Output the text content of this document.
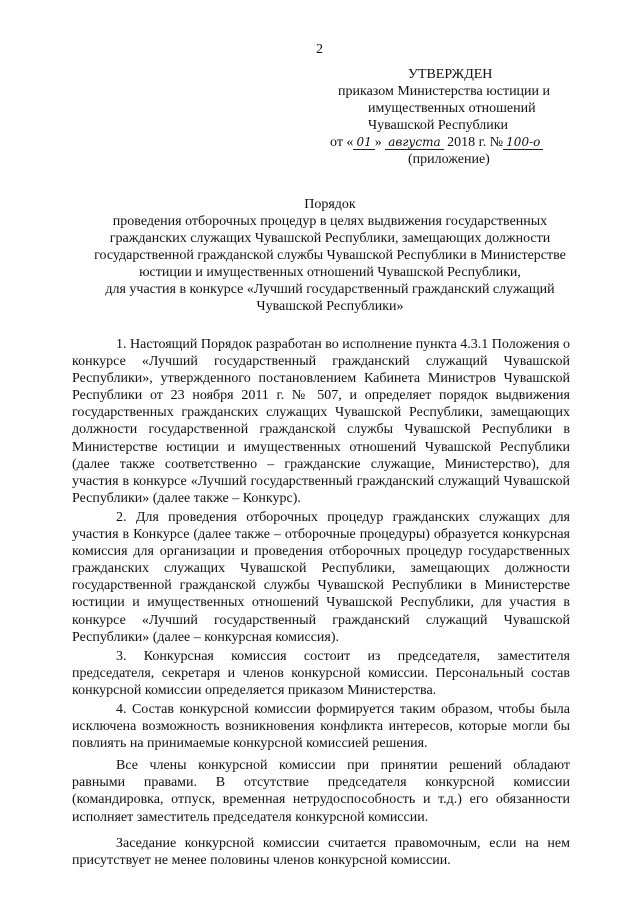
2
УТВЕРЖДЕН
приказом Министерства юстиции и
имущественных отношений
Чувашской Республики
от « 01 » августа 2018 г. № 100-о
(приложение)
Порядок
проведения отборочных процедур в целях выдвижения государственных
гражданских служащих Чувашской Республики, замещающих должности
государственной гражданской службы Чувашской Республики в Министерстве
юстиции и имущественных отношений Чувашской Республики,
для участия в конкурсе «Лучший государственный гражданский служащий
Чувашской Республики»

1. Настоящий Порядок разработан во исполнение пункта 4.3.1 Положения о конкурсе «Лучший государственный гражданский служащий Чувашской Республики», утвержденного постановлением Кабинета Министров Чувашской Республики от 23 ноября 2011 г. № 507, и определяет порядок выдвижения государственных гражданских служащих Чувашской Республики, замещающих должности государственной гражданской службы Чувашской Республики в Министерстве юстиции и имущественных отношений Чувашской Республики (далее также соответственно – гражданские служащие, Министерство), для участия в конкурсе «Лучший государственный гражданский служащий Чувашской Республики» (далее также – Конкурс).

2. Для проведения отборочных процедур гражданских служащих для участия в Конкурсе (далее также – отборочные процедуры) образуется конкурсная комиссия для организации и проведения отборочных процедур государственных гражданских служащих Чувашской Республики, замещающих должности государственной гражданской службы Чувашской Республики в Министерстве юстиции и имущественных отношений Чувашской Республики, для участия в конкурсе «Лучший государственный гражданский служащий Чувашской Республики» (далее – конкурсная комиссия).

3. Конкурсная комиссия состоит из председателя, заместителя председателя, секретаря и членов конкурсной комиссии. Персональный состав конкурсной комиссии определяется приказом Министерства.

4. Состав конкурсной комиссии формируется таким образом, чтобы была исключена возможность возникновения конфликта интересов, которые могли бы повлиять на принимаемые конкурсной комиссией решения.

Все члены конкурсной комиссии при принятии решений обладают равными правами. В отсутствие председателя конкурсной комиссии (командировка, отпуск, временная нетрудоспособность и т.д.) его обязанности исполняет заместитель председателя конкурсной комиссии.

Заседание конкурсной комиссии считается правомочным, если на нем присутствует не менее половины членов конкурсной комиссии.
